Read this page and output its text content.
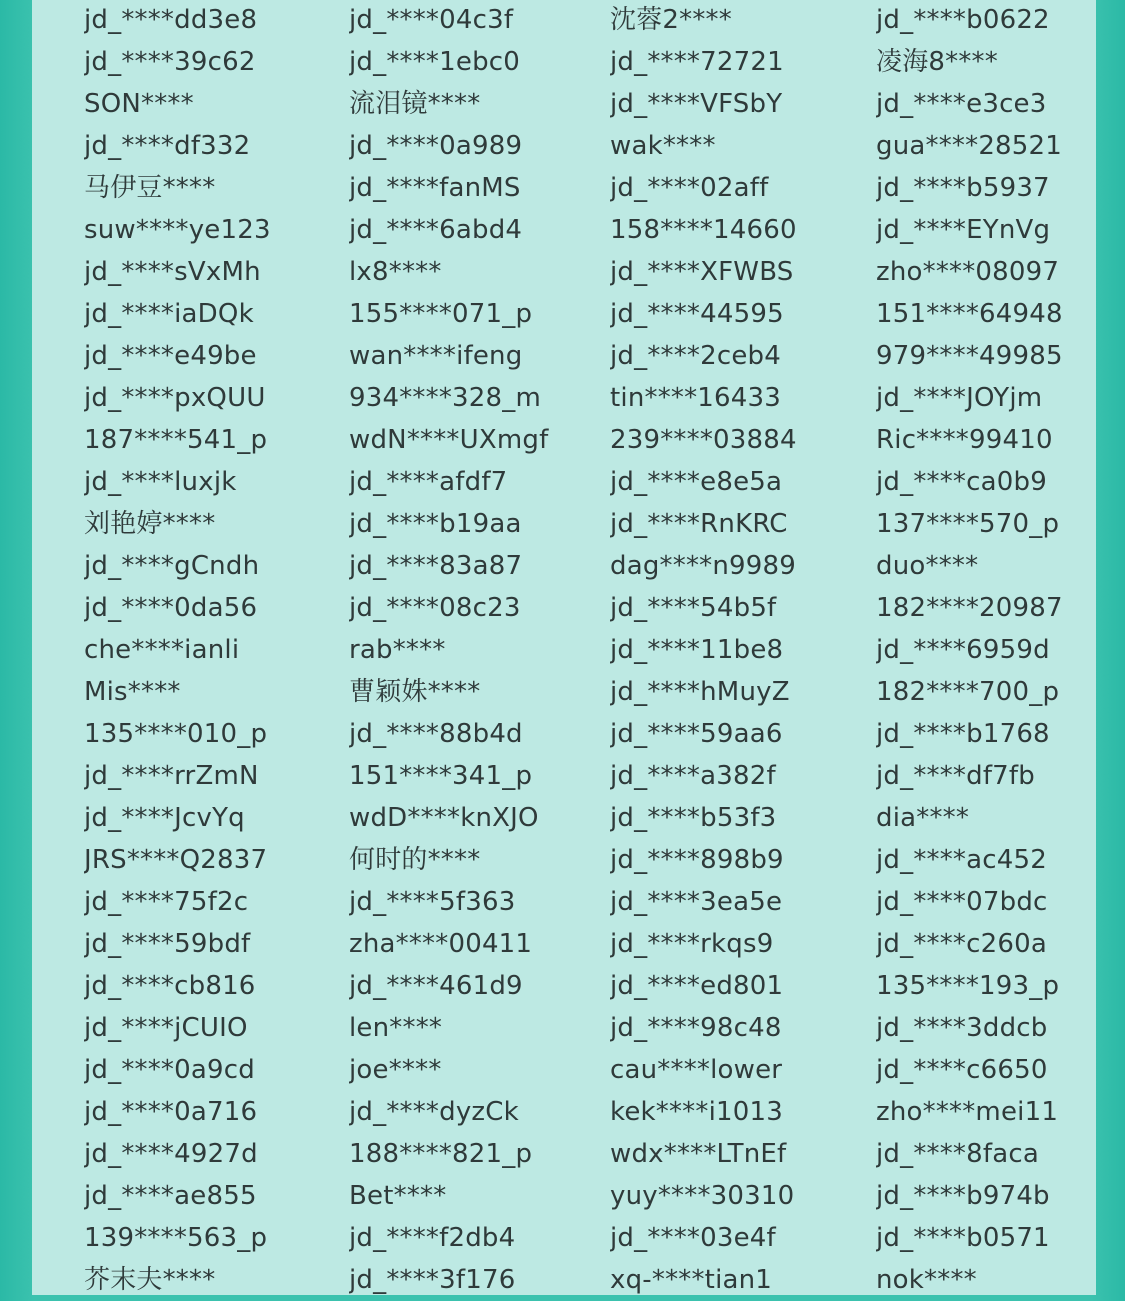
jd_****dd3e8	jd_****04c3f	沈蓉2****	jd_****b0622
jd_****39c62	jd_****1ebc0	jd_****72721	凌海8****
SON****	流泪镜****	jd_****VFSbY	jd_****e3ce3
jd_****df332	jd_****0a989	wak****	gua****28521
马伊豆****	jd_****fanMS	jd_****02aff	jd_****b5937
suw****ye123	jd_****6abd4	158****14660	jd_****EYnVg
jd_****sVxMh	lx8****	jd_****XFWBS	zho****08097
jd_****iaDQk	155****071_p	jd_****44595	151****64948
jd_****e49be	wan****ifeng	jd_****2ceb4	979****49985
jd_****pxQUU	934****328_m	tin****16433	jd_****JOYjm
187****541_p	wdN****UXmgf	239****03884	Ric****99410
jd_****luxjk	jd_****afdf7	jd_****e8e5a	jd_****ca0b9
刘艳婷****	jd_****b19aa	jd_****RnKRC	137****570_p
jd_****gCndh	jd_****83a87	dag****n9989	duo****
jd_****0da56	jd_****08c23	jd_****54b5f	182****20987
che****ianli	rab****	jd_****11be8	jd_****6959d
Mis****	曹颖姝****	jd_****hMuyZ	182****700_p
135****010_p	jd_****88b4d	jd_****59aa6	jd_****b1768
jd_****rrZmN	151****341_p	jd_****a382f	jd_****df7fb
jd_****JcvYq	wdD****knXJO	jd_****b53f3	dia****
JRS****Q2837	何时的****	jd_****898b9	jd_****ac452
jd_****75f2c	jd_****5f363	jd_****3ea5e	jd_****07bdc
jd_****59bdf	zha****00411	jd_****rkqs9	jd_****c260a
jd_****cb816	jd_****461d9	jd_****ed801	135****193_p
jd_****jCUIO	len****	jd_****98c48	jd_****3ddcb
jd_****0a9cd	joe****	cau****lower	jd_****c6650
jd_****0a716	jd_****dyzCk	kek****i1013	zho****mei11
jd_****4927d	188****821_p	wdx****LTnEf	jd_****8faca
jd_****ae855	Bet****	yuy****30310	jd_****b974b
139****563_p	jd_****f2db4	jd_****03e4f	jd_****b0571
芥末夫****	jd_****3f176	xq-****tian1	nok****
